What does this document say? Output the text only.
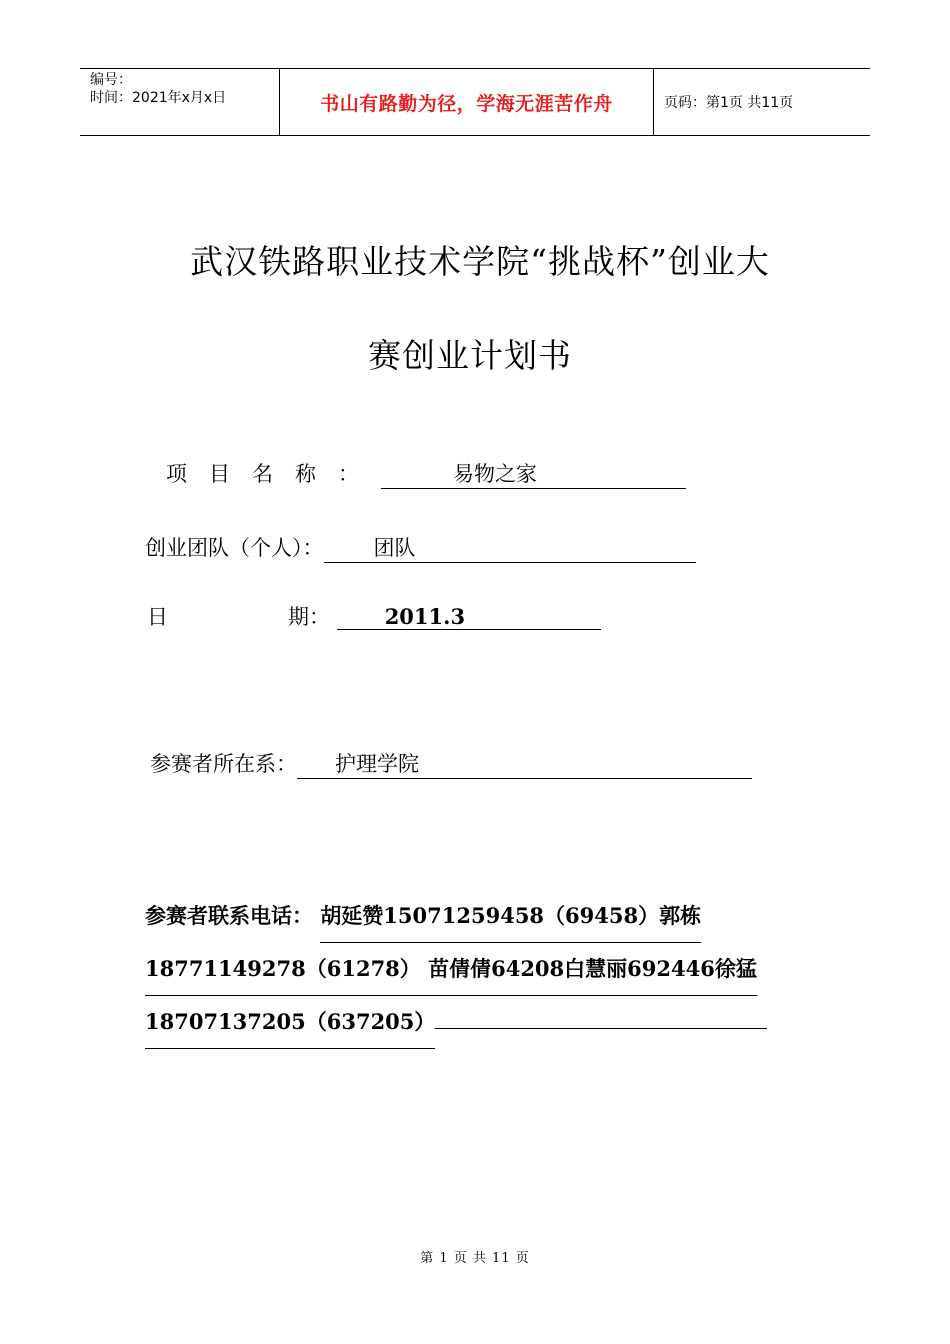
编号：
时间：2021年x月x日	书山有路勤为径，学海无涯苦作舟	页码：第1页 共11页
武汉铁路职业技术学院“挑战杯”创业大
赛创业计划书
项目名称：	易物之家
创业团队（个人）： 团队
日	期：	2011.3
参赛者所在系： 护理学院
参赛者联系电话： 胡延赞15071259458（69458）郭栋
18771149278（61278） 苗倩倩64208白慧丽692446徐猛
18707137205（637205）
第 1 页 共 11 页
